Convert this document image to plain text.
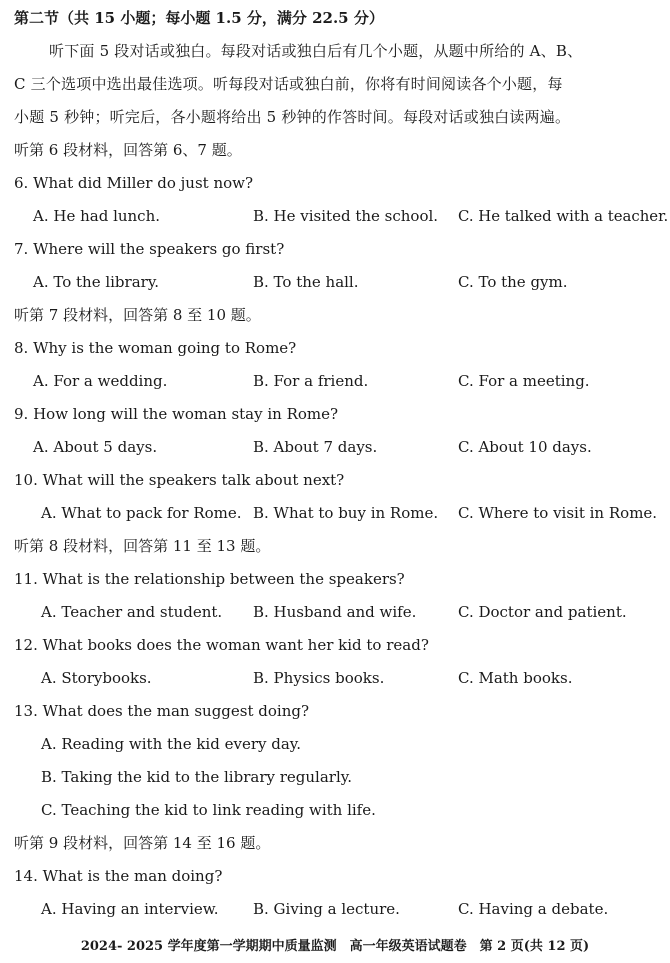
第二节（共 15 小题；每小题 1.5 分，满分 22.5 分）
听下面 5 段对话或独白。每段对话或独白后有几个小题，从题中所给的 A、B、
C 三个选项中选出最佳选项。听每段对话或独白前，你将有时间阅读各个小题，每
小题 5 秒钟；听完后，各小题将给出 5 秒钟的作答时间。每段对话或独白读两遍。
听第 6 段材料，回答第 6、7 题。
6. What did Miller do just now?
A. He had lunch.	B. He visited the school. C. He talked with a teacher.
7. Where will the speakers go first?
A. To the library.	B. To the hall.	C. To the gym.
听第 7 段材料，回答第 8 至 10 题。
8. Why is the woman going to Rome?
A. For a wedding.	B. For a friend.	C. For a meeting.
9. How long will the woman stay in Rome?
A. About 5 days.	B. About 7 days.	C. About 10 days.
10. What will the speakers talk about next?
A. What to pack for Rome. B. What to buy in Rome. C. Where to visit in Rome.
听第 8 段材料，回答第 11 至 13 题。
11. What is the relationship between the speakers?
A. Teacher and student. B. Husband and wife.	C. Doctor and patient.
12. What books does the woman want her kid to read?
A. Storybooks.	B. Physics books.	C. Math books.
13. What does the man suggest doing?
A. Reading with the kid every day.
B. Taking the kid to the library regularly.
C. Teaching the kid to link reading with life.
听第 9 段材料，回答第 14 至 16 题。
14. What is the man doing?
A. Having an interview. B. Giving a lecture.	C. Having a debate.
2024- 2025 学年度第一学期期中质量监测　高一年级英语试题卷　第 2 页(共 12 页)
